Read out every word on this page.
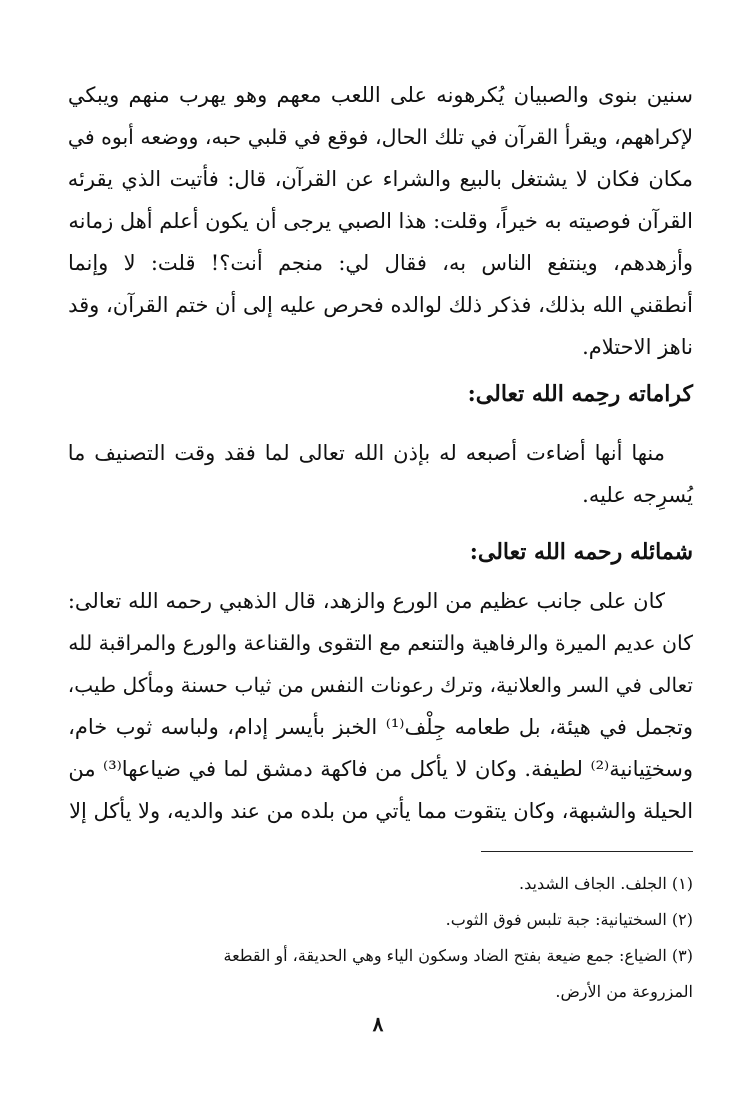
سنين بنوى والصبيان يُكرهونه على اللعب معهم وهو يهرب منهم ويبكي
لإكراههم، ويقرأ القرآن في تلك الحال، فوقع في قلبي حبه، ووضعه أبوه في
مكان فكان لا يشتغل بالبيع والشراء عن القرآن، قال: فأتيت الذي يقرئه
القرآن فوصيته به خيراً، وقلت: هذا الصبي يرجى أن يكون أعلم أهل زمانه
وأزهدهم، وينتفع الناس به، فقال لي: منجم أنت؟! قلت: لا وإنما
أنطقني الله بذلك، فذكر ذلك لوالده فحرص عليه إلى أن ختم القرآن، وقد
ناهز الاحتلام.
كراماته رحِمه الله تعالى:
منها أنها أضاءت أصبعه له بإذن الله تعالى لما فقد وقت التصنيف ما
يُسرِجه عليه.
شمائله رحمه الله تعالى:
كان على جانب عظيم من الورع والزهد، قال الذهبي رحمه الله تعالى:
كان عديم الميرة والرفاهية والتنعم مع التقوى والقناعة والورع والمراقبة لله
تعالى في السر والعلانية، وترك رعونات النفس من ثياب حسنة ومأكل طيب،
وتجمل في هيئة، بل طعامه جِلْف⁽¹⁾ الخبز بأيسر إدام، ولباسه ثوب خام،
وسختِيانية⁽²⁾ لطيفة. وكان لا يأكل من فاكهة دمشق لما في ضياعها⁽³⁾ من
الحيلة والشبهة، وكان يتقوت مما يأتي من بلده من عند والديه، ولا يأكل إلا
(١) الجلف. الجاف الشديد.
(٢) السختيانية: جبة تلبس فوق الثوب.
(٣) الضياع: جمع ضيعة بفتح الضاد وسكون الياء وهي الحديقة، أو القطعة
المزروعة من الأرض.
٨
